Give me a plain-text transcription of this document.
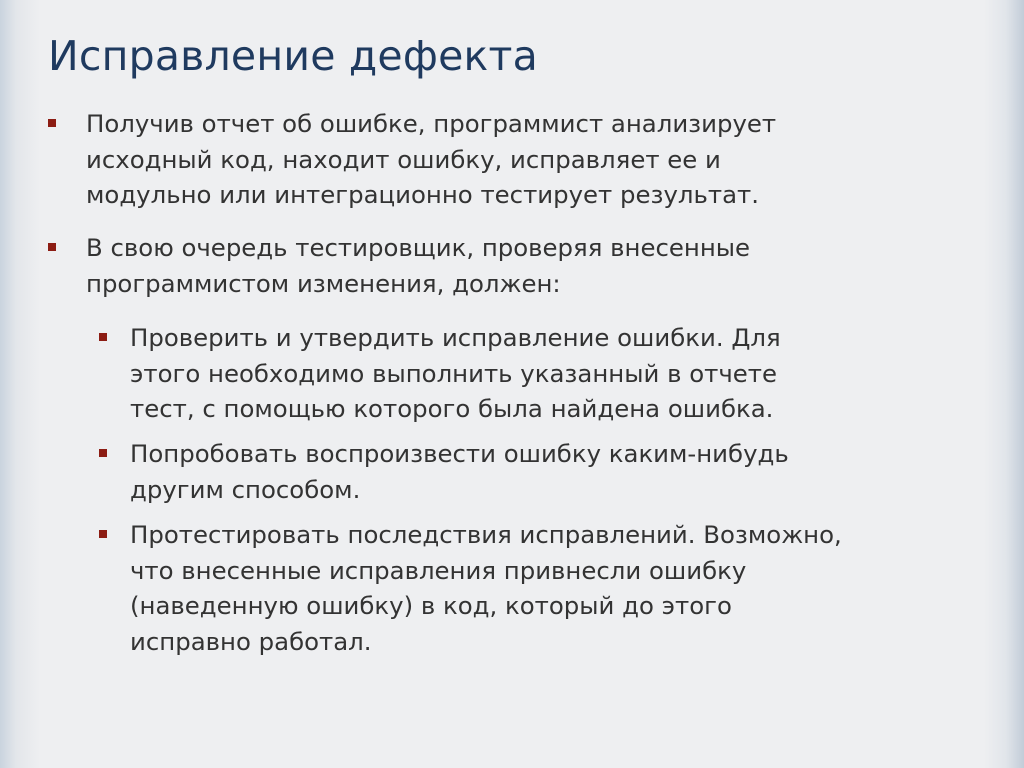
Исправление дефекта
Получив отчет об ошибке, программист анализирует
исходный код, находит ошибку, исправляет ее и
модульно или интеграционно тестирует результат.
В свою очередь тестировщик, проверяя внесенные
программистом изменения, должен:
Проверить и утвердить исправление ошибки. Для
этого необходимо выполнить указанный в отчете
тест, с помощью которого была найдена ошибка.
Попробовать воспроизвести ошибку каким-нибудь
другим способом.
Протестировать последствия исправлений. Возможно,
что внесенные исправления привнесли ошибку
(наведенную ошибку) в код, который до этого
исправно работал.
